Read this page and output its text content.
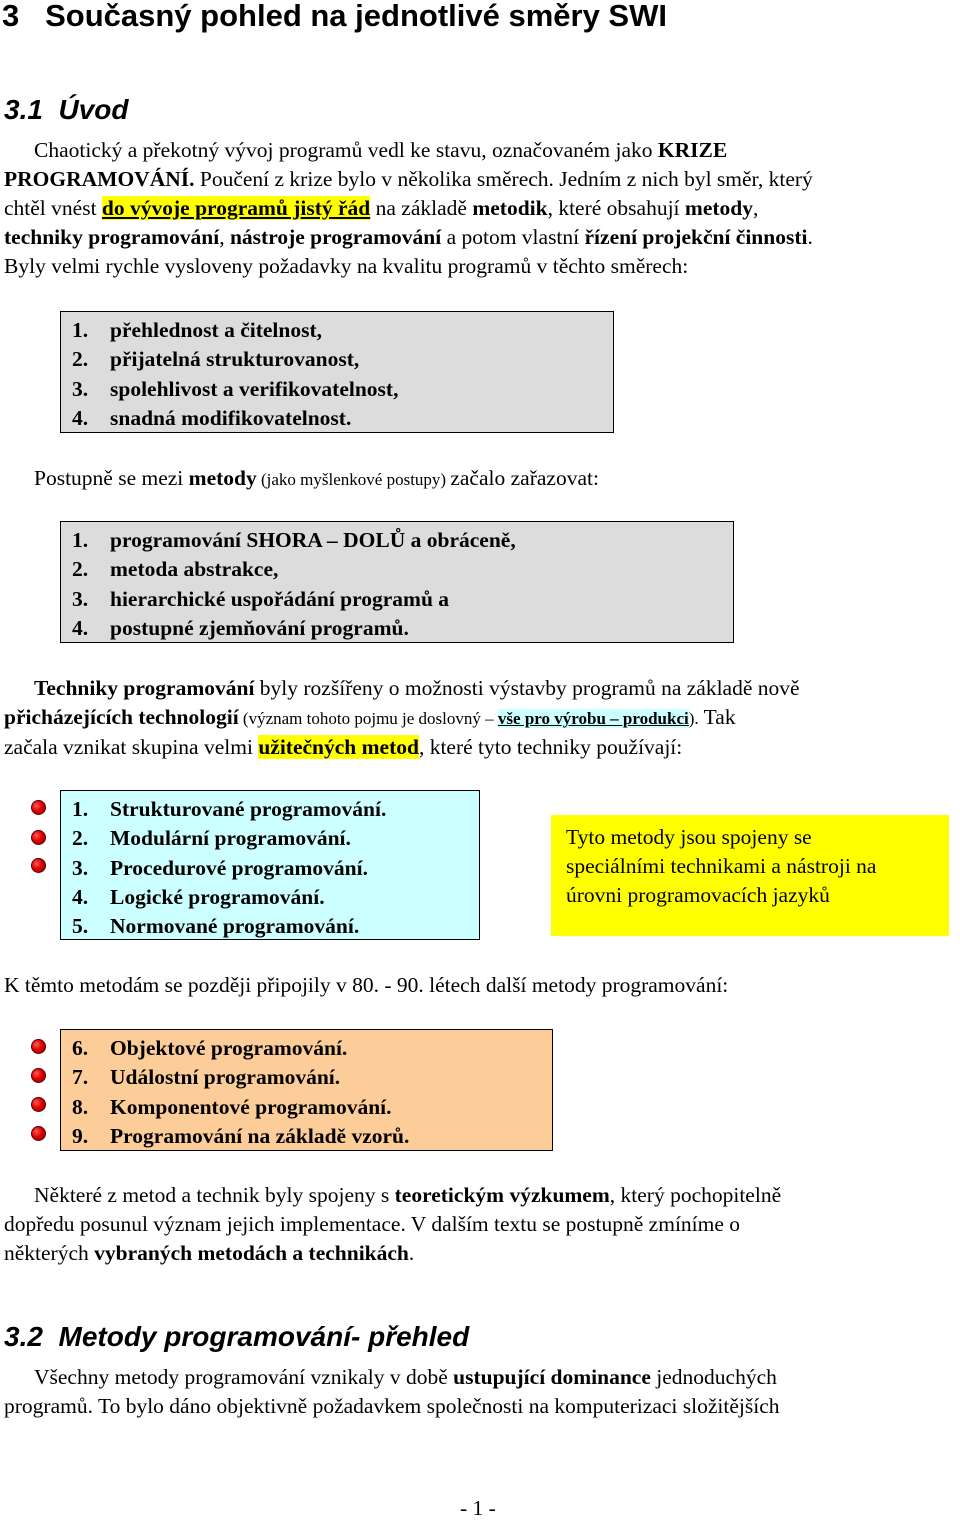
3 Současný pohled na jednotlivé směry SWI
3.1 Úvod
Chaotický a překotný vývoj programů vedl ke stavu, označovaném jako KRIZE
PROGRAMOVÁNÍ. Poučení z krize bylo v několika směrech. Jedním z nich byl směr, který
chtěl vnést do vývoje programů jistý řád na základě metodik, které obsahují metody,
techniky programování, nástroje programování a potom vlastní řízení projekční činnosti.
Byly velmi rychle vysloveny požadavky na kvalitu programů v těchto směrech:
1. přehlednost a čitelnost,
2. přijatelná strukturovanost,
3. spolehlivost a verifikovatelnost,
4. snadná modifikovatelnost.
Postupně se mezi metody (jako myšlenkové postupy) začalo zařazovat:
1. programování SHORA – DOLŮ a obráceně,
2. metoda abstrakce,
3. hierarchické uspořádání programů a
4. postupné zjemňování programů.
Techniky programování byly rozšířeny o možnosti výstavby programů na základě nově
přicházejících technologií (význam tohoto pojmu je doslovný – vše pro výrobu – produkci). Tak
začala vznikat skupina velmi užitečných metod, které tyto techniky používají:
1. Strukturované programování.
2. Modulární programování.
3. Procedurové programování.
4. Logické programování.
5. Normované programování.
Tyto metody jsou spojeny se
speciálními technikami a nástroji na
úrovni programovacích jazyků
K těmto metodám se později připojily v 80. - 90. létech další metody programování:
6. Objektové programování.
7. Událostní programování.
8. Komponentové programování.
9. Programování na základě vzorů.
Některé z metod a technik byly spojeny s teoretickým výzkumem, který pochopitelně
dopředu posunul význam jejich implementace. V dalším textu se postupně zmíníme o
některých vybraných metodách a technikách.
3.2 Metody programování- přehled
Všechny metody programování vznikaly v době ustupující dominance jednoduchých
programů. To bylo dáno objektivně požadavkem společnosti na komputerizaci složitějších
- 1 -
